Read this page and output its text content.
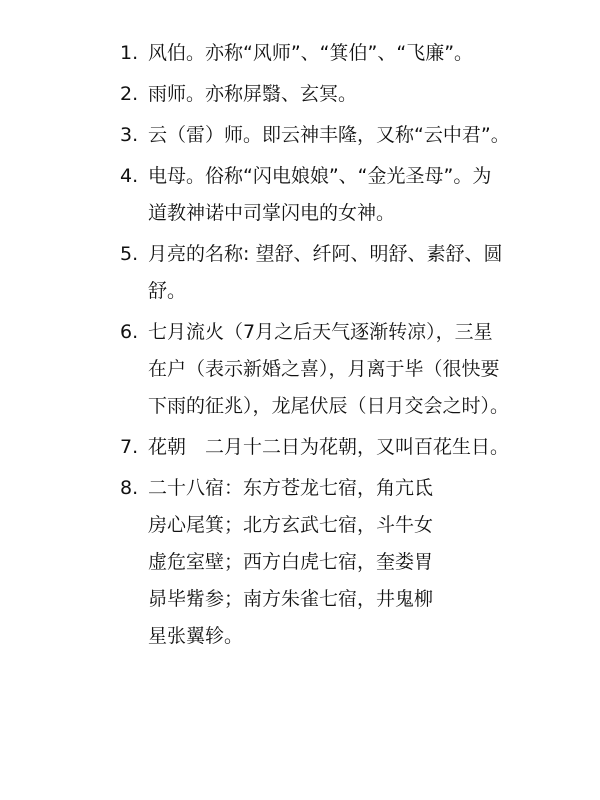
1. 风伯。亦称“风师”、“箕伯”、“飞廉”。
2. 雨师。亦称屏翳、玄冥。
3. 云（雷）师。即云神丰隆，又称“云中君”。
4. 电母。俗称“闪电娘娘”、“金光圣母”。为道教神诺中司掌闪电的女神。
5. 月亮的名称: 望舒、纤阿、明舒、素舒、圆舒。
6. 七月流火（7月之后天气逐渐转凉），三星在户（表示新婚之喜），月离于毕（很快要下雨的征兆），龙尾伏辰（日月交会之时）。
7. 花朝　二月十二日为花朝，又叫百花生日。
8. 二十八宿：东方苍龙七宿，角亢氐房心尾箕；北方玄武七宿，斗牛女虚危室壁；西方白虎七宿，奎娄胃昴毕觜参；南方朱雀七宿，井鬼柳星张翼轸。
